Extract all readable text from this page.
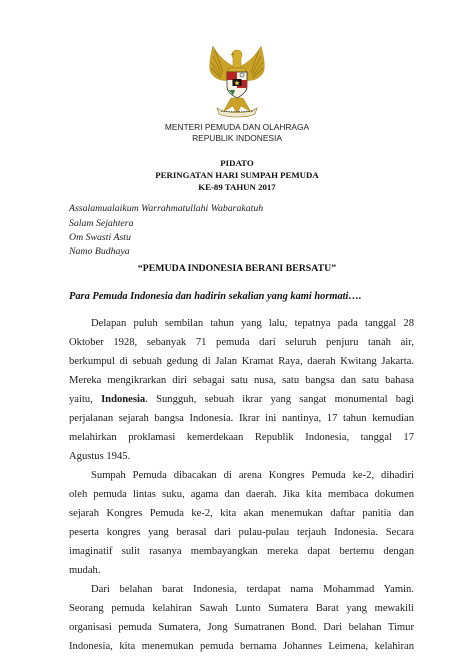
MENTERI PEMUDA DAN OLAHRAGA
REPUBLIK INDONESIA
PIDATO
PERINGATAN HARI SUMPAH PEMUDA
KE-89 TAHUN 2017
Assalamualaikum Warrahmatullahi Wabarakatuh
Salam Sejahtera
Om Swasti Astu
Namo Budhaya
“PEMUDA INDONESIA BERANI BERSATU”
Para Pemuda Indonesia dan hadirin sekalian yang kami hormati….
Delapan puluh sembilan tahun yang lalu, tepatnya pada tanggal 28
Oktober 1928, sebanyak 71 pemuda dari seluruh penjuru tanah air,
berkumpul di sebuah gedung di Jalan Kramat Raya, daerah Kwitang Jakarta.
Mereka mengikrarkan diri sebagai satu nusa, satu bangsa dan satu bahasa
yaitu, Indonesia. Sungguh, sebuah ikrar yang sangat monumental bagi
perjalanan sejarah bangsa Indonesia. Ikrar ini nantinya, 17 tahun kemudian
melahirkan proklamasi kemerdekaan Republik Indonesia, tanggal 17
Agustus 1945.
Sumpah Pemuda dibacakan di arena Kongres Pemuda ke-2, dihadiri
oleh pemuda lintas suku, agama dan daerah. Jika kita membaca dokumen
sejarah Kongres Pemuda ke-2, kita akan menemukan daftar panitia dan
peserta kongres yang berasal dari pulau-pulau terjauh Indonesia. Secara
imaginatif sulit rasanya membayangkan mereka dapat bertemu dengan
mudah.
Dari belahan barat Indonesia, terdapat nama Mohammad Yamin.
Seorang pemuda kelahiran Sawah Lunto Sumatera Barat yang mewakili
organisasi pemuda Sumatera, Jong Sumatranen Bond. Dari belahan Timur
Indonesia, kita menemukan pemuda bernama Johannes Leimena, kelahiran
